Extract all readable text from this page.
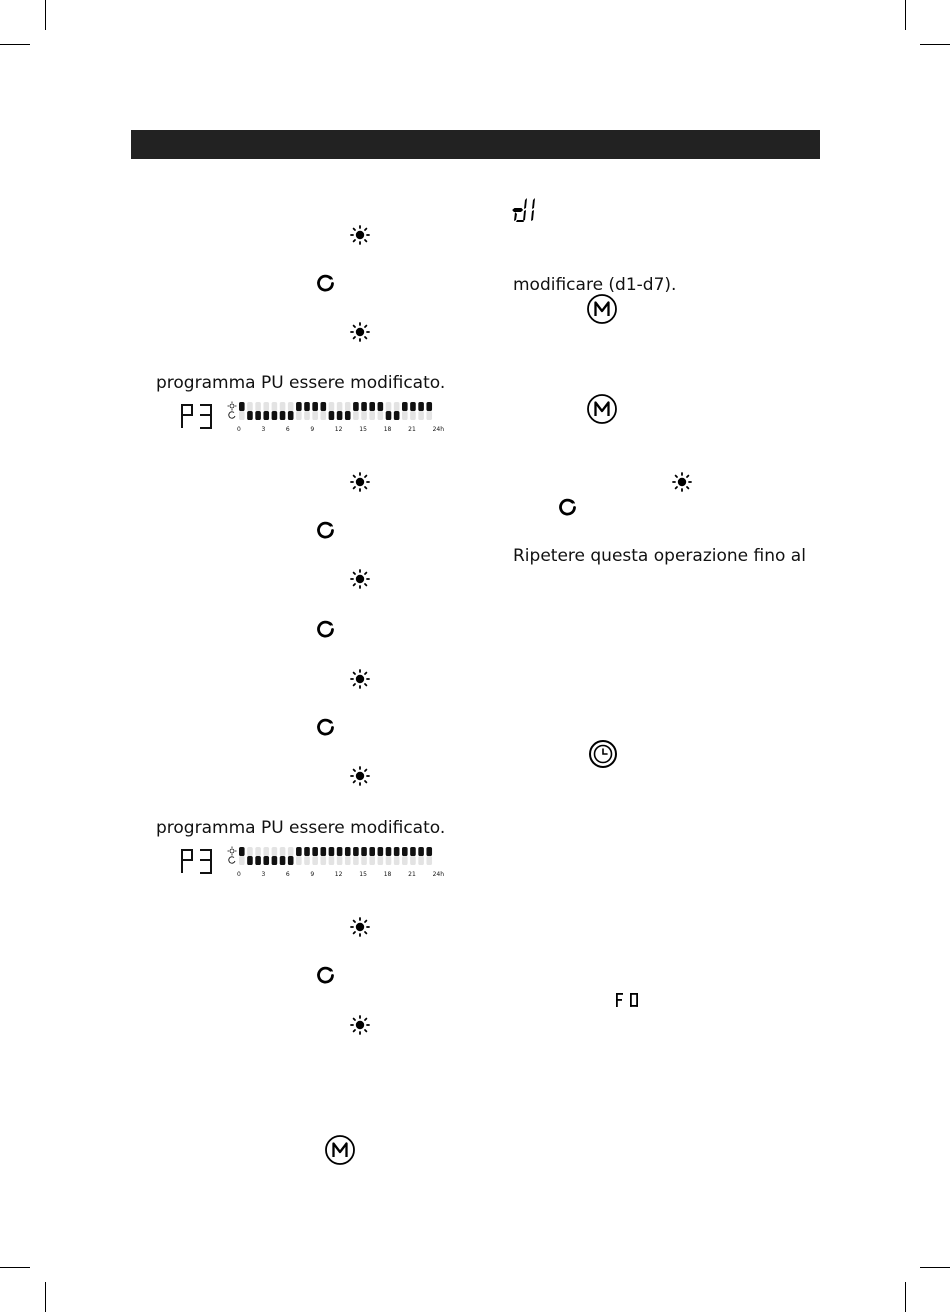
programma PU essere modificato.
P3
0	3	6	9	12	15	18	21	24h
programma PU essere modificato.
P3
0	3	6	9	12	15	18	21	24h
d1
modificare (d1-d7).
Ripetere questa operazione fino al
F0
